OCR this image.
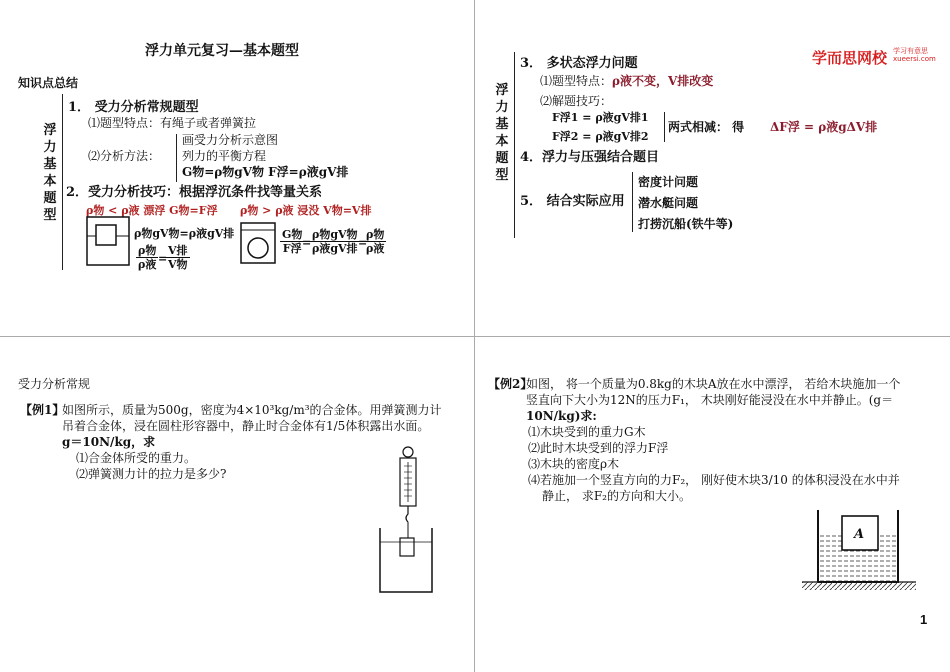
浮力单元复习—基本题型
知识点总结
浮力基本题型
1． 受力分析常规题型
⑴题型特点：有绳子或者弹簧拉
⑵分析方法：
画受力分析示意图
列力的平衡方程
G物=ρ物gV物 F浮=ρ液gV排
2．受力分析技巧：根据浮沉条件找等量关系
ρ物 < ρ液 漂浮 G物=F浮 ρ物 > ρ液 浸没 V物=V排
ρ物gV物=ρ液gV排
ρ物
ρ液 =
V排
V物
G物
F浮 =
ρ物gV物
ρ液gV排 =
ρ物
ρ液
学而思网校 学习有意思
xueersi.com
浮力基本题型
3． 多状态浮力问题
⑴题型特点：ρ液不变，V排改变
⑵解题技巧：
F浮1 = ρ液gV排1
F浮2 = ρ液gV排2
两式相减： 得 ΔF浮 = ρ液gΔV排
4．浮力与压强结合题目
5． 结合实际应用
密度计问题
潜水艇问题
打捞沉船(铁牛等)
受力分析常规
【例1】
如图所示，质量为500g，密度为4×10³kg/m³的合金体。用弹簧测力计
吊着合金体，浸在圆柱形容器中，静止时合金体有1/5体积露出水面。
g＝10N/kg，求
⑴合金体所受的重力。
⑵弹簧测力计的拉力是多少?
【例2】
如图， 将一个质量为0.8kg的木块A放在水中漂浮， 若给木块施加一个
竖直向下大小为12N的压力F₁， 木块刚好能浸没在水中并静止。(g＝
10N/kg)求:
⑴木块受到的重力G木
⑵此时木块受到的浮力F浮
⑶木块的密度ρ木
⑷若施加一个竖直方向的力F₂， 刚好使木块3/10 的体积浸没在水中并
静止， 求F₂的方向和大小。
A
1
